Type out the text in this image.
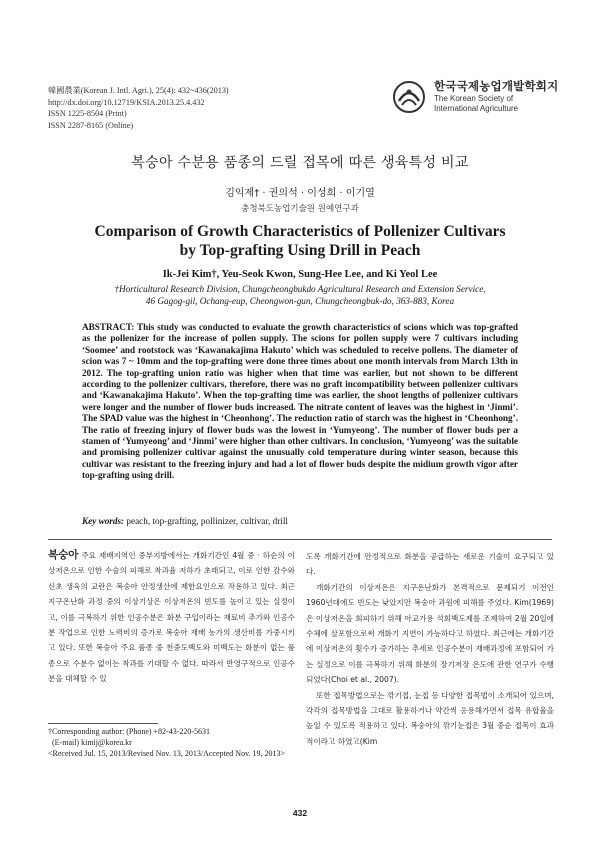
韓國農業(Korean J. Intl. Agri.), 25(4): 432~436(2013)
http://dx.doi.org/10.12719/KSIA.2013.25.4.432
ISSN 1225-8504 (Print)
ISSN 2287-8165 (Online)
한국국제농업개발학회지
The Korean Society of International Agriculture
복숭아 수분용 품종의 드릴 접목에 따른 생육특성 비교
김익제† · 권의석 · 이성희 · 이기열
충청북도농업기술원 원예연구과
Comparison of Growth Characteristics of Pollenizer Cultivars
by Top-grafting Using Drill in Peach
Ik-Jei Kim†, Yeu-Seok Kwon, Sung-Hee Lee, and Ki Yeol Lee
†Horticultural Research Division, Chungcheongbukdo Agricultural Research and Extension Service,
46 Gagog-gil, Ochang-eup, Cheongwon-gun, Chungcheongbuk-do, 363-883, Korea
ABSTRACT: This study was conducted to evaluate the growth characteristics of scions which was top-grafted as the pollenizer for the increase of pollen supply. The scions for pollen supply were 7 cultivars including ‘Soomee’ and rootstock was ‘Kawanakajima Hakuto’ which was scheduled to receive pollens. The diameter of scion was 7 ~ 10mm and the top-grafting were done three times about one month intervals from March 13th in 2012. The top-grafting union ratio was higher when that time was earlier, but not shown to be different according to the pollenizer cultivars, therefore, there was no graft incompatibility between pollenizer cultivars and ‘Kawanakajima Hakuto’. When the top-grafting time was earlier, the shoot lengths of pollenizer cultivars were longer and the number of flower buds increased. The nitrate content of leaves was the highest in ‘Jinmi’. The SPAD value was the highest in ‘Cheonhong’. The reduction ratio of starch was the highest in ‘Cheonhong’. The ratio of freezing injury of flower buds was the lowest in ‘Yumyeong’. The number of flower buds per a stamen of ‘Yumyeong’ and ‘Jinmi’ were higher than other cultivars. In conclusion, ‘Yumyeong’ was the suitable and promising pollenizer cultivar against the unusually cold temperature during winter season, because this cultivar was resistant to the freezing injury and had a lot of flower buds despite the midium growth vigor after top-grafting using drill.
Key words: peach, top-grafting, pollinizer, cultivar, drill

복숭아 주요 재배지역인 중부지방에서는 개화기간인 4월 중 · 하순의 이상저온으로 인한 수술의 피해로 착과율 저하가 초래되고, 이로 인한 감수와 신초 생육의 교란은 복숭아 안정생산에 제한요인으로 작용하고 있다. 최근 지구온난화 과정 중의 이상기상은 이상저온의 빈도를 높이고 있는 실정이고, 이를 극복하기 위한 인공수분은 화분 구입이라는 재료비 추가와 인공수분 작업으로 인한 노력비의 증가로 복숭아 재배 농가의 생산비를 가중시키고 있다. 또한 복숭아 주요 품종 중 천중도백도와 미백도는 화분이 없는 품종으로 수분수 없이는 착과를 기대할 수 없다. 따라서 반영구적으로 인공수분을 대체할 수 있

도록 개화기간에 안정적으로 화분을 공급하는 새로운 기술이 요구되고 있다.

개화기간의 이상저온은 지구온난화가 본격적으로 문제되기 이전인 1960년대에도 빈도는 낮았지만 복숭아 과원에 피해를 주었다. Kim(1969)은 이상저온을 회피하기 위해 아교가용 석회백도제를 조제하여 2월 20일에 수체에 살포함으로써 개화기 지연이 가능하다고 하였다. 최근에는 개화기간에 이상저온의 횟수가 증가하는 추세로 인공수분이 재배과정에 포함되어 가는 실정으로 이를 극복하기 위해 화분의 장기저장 온도에 관한 연구가 수행되었다(Choi et al., 2007).

또한 접목방법으로는 깎기접, 눈접 등 다양한 접목법이 소개되어 있으며, 각각의 접목방법을 그대로 활용하거나 약간씩 응용해가면서 접목 유합율을 높일 수 있도록 적용하고 있다. 복숭아의 깎기눈접은 3월 중순 접목이 효과적이라고 하였고(Kim

†Corresponding author: (Phone) +82-43-220-5631
(E-mail) kimij@korea.kr
<Received Jul. 15, 2013/Revised Nov. 13, 2013/Accepted Nov. 19, 2013>
432
